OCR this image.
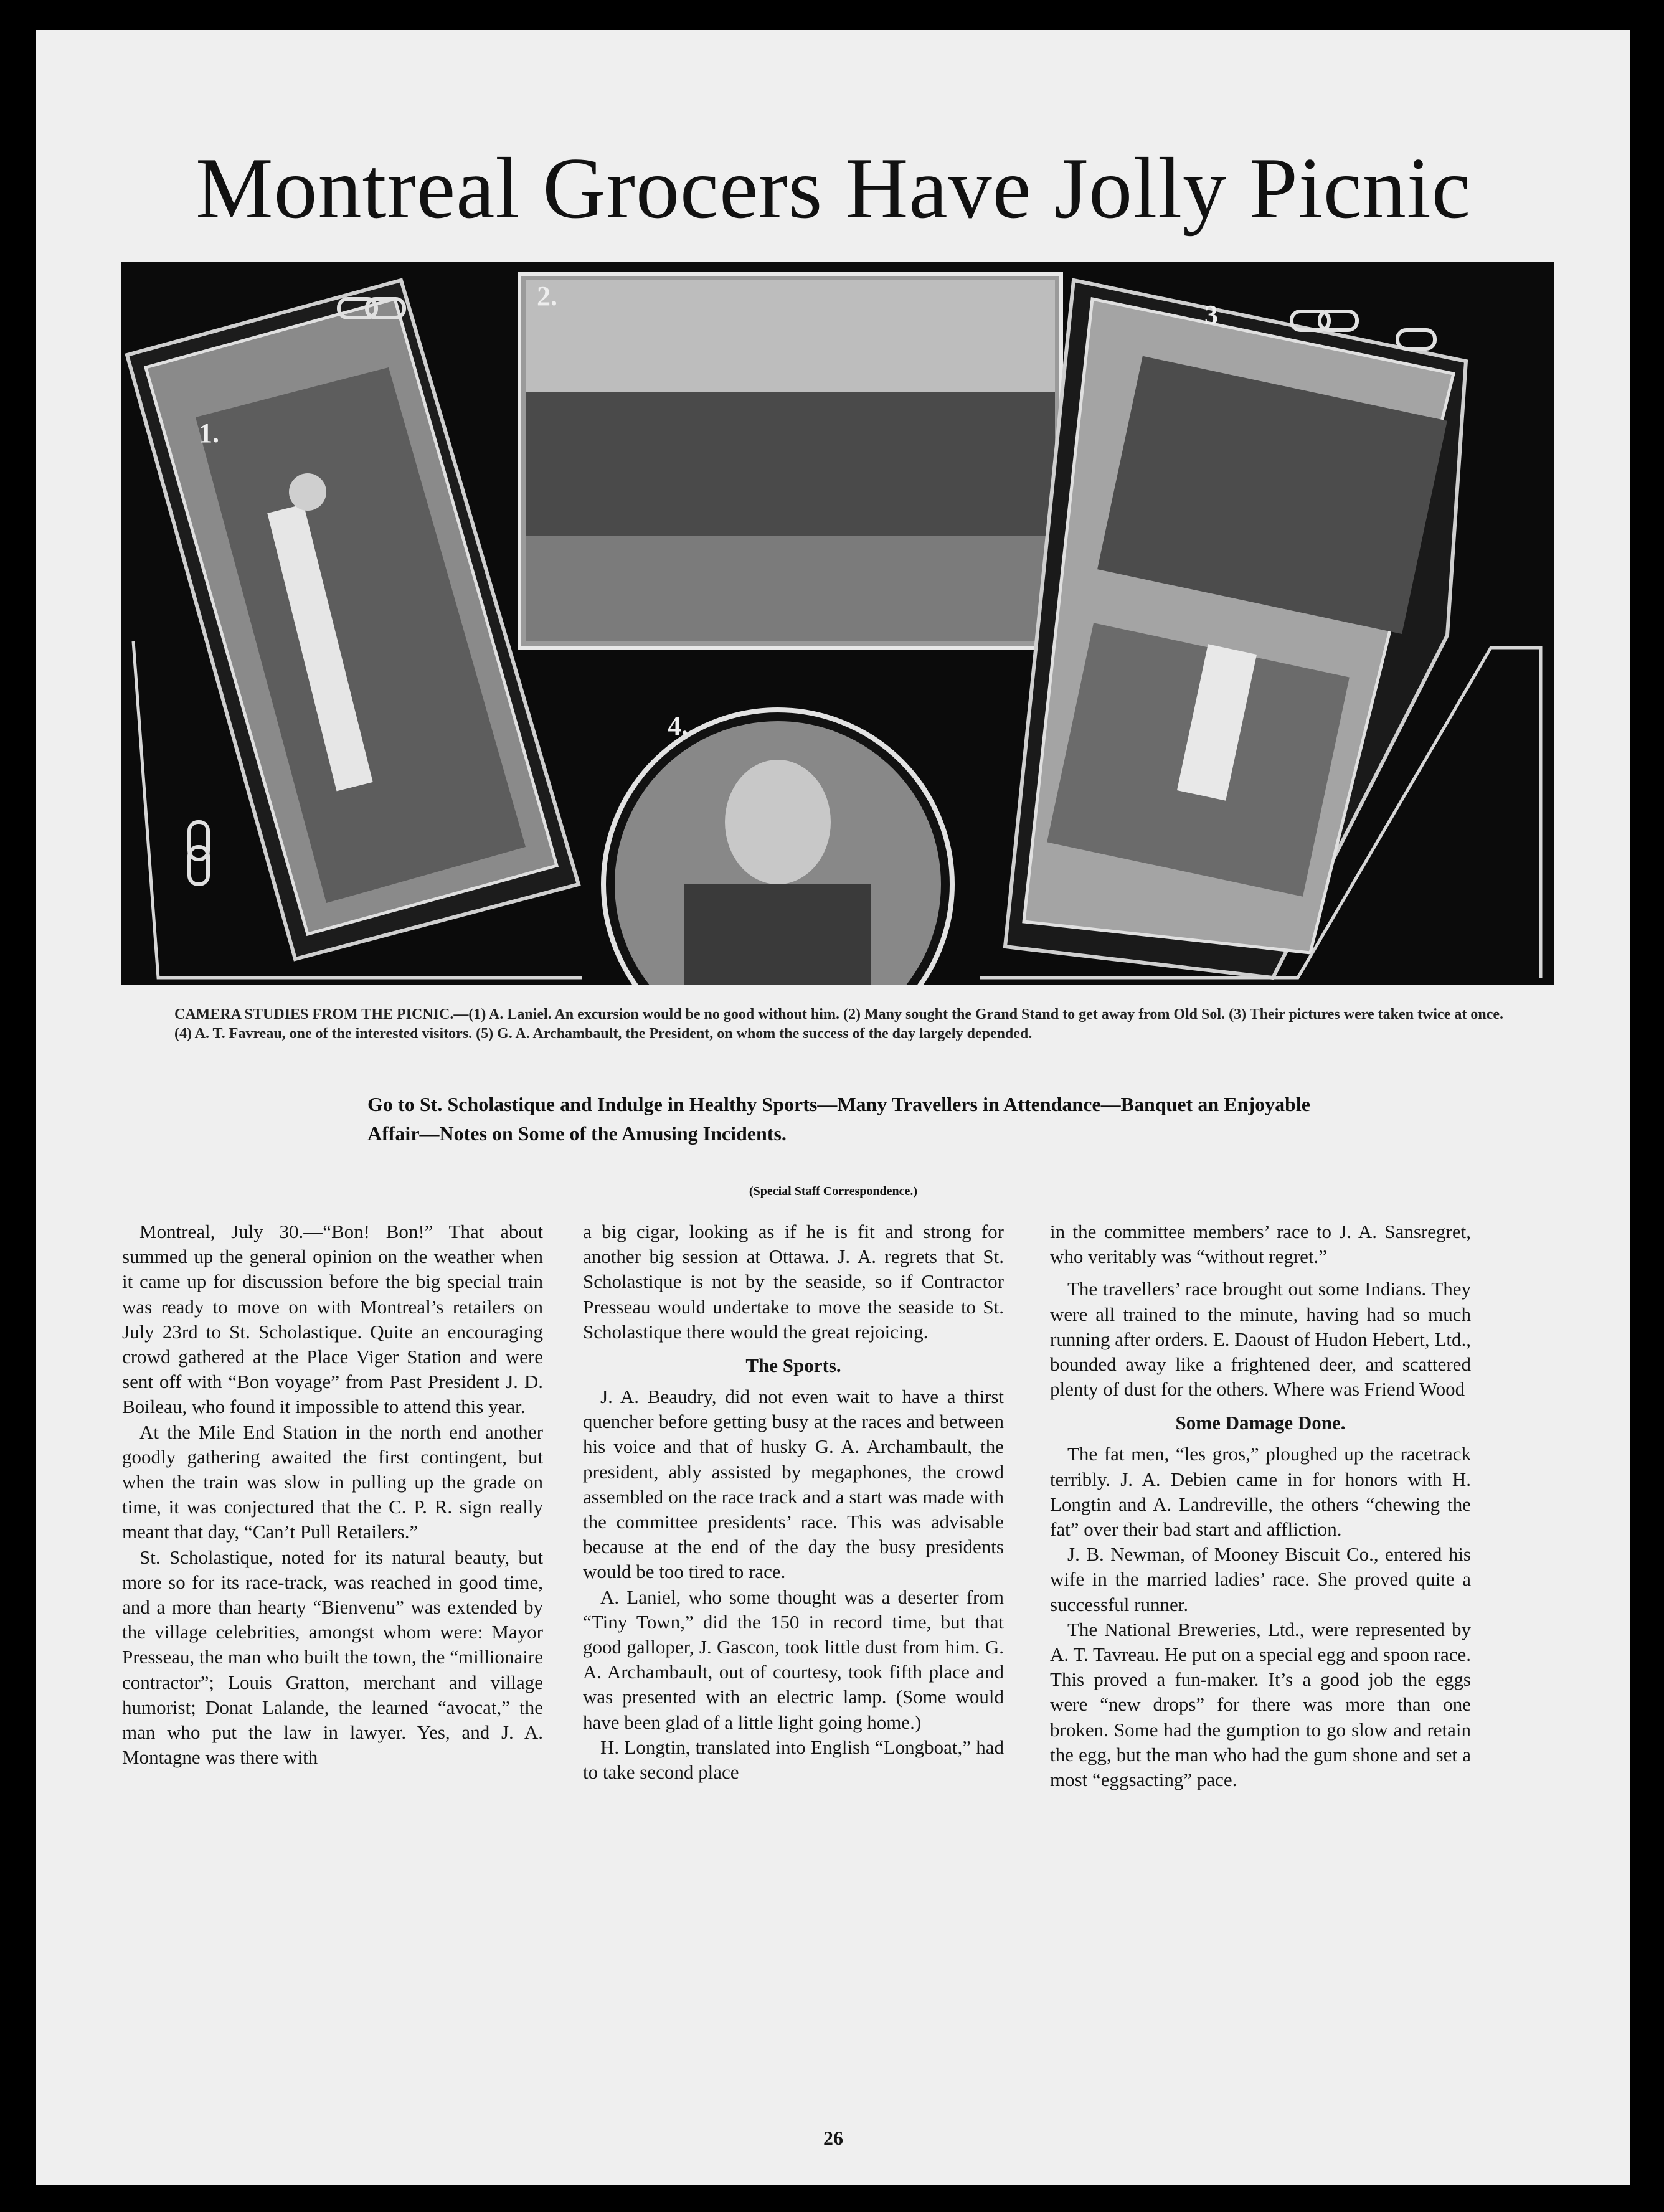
Montreal Grocers Have Jolly Picnic
1.
2.
3
4.
CAMERA STUDIES FROM THE PICNIC.—(1) A. Laniel. An excursion would be no good without him. (2) Many sought the Grand Stand to get away from Old Sol. (3) Their pictures were taken twice at once. (4) A. T. Favreau, one of the interested visitors. (5) G. A. Archambault, the President, on whom the success of the day largely depended.
Go to St. Scholastique and Indulge in Healthy Sports—Many Travellers in Attendance—Banquet an Enjoyable Affair—Notes on Some of the Amusing Incidents.
(Special Staff Correspondence.)

Montreal, July 30.—“Bon! Bon!” That about summed up the general opinion on the weather when it came up for discussion before the big special train was ready to move on with Montreal’s retailers on July 23rd to St. Scholastique. Quite an encouraging crowd gathered at the Place Viger Station and were sent off with “Bon voyage” from Past President J. D. Boileau, who found it impossible to attend this year.

At the Mile End Station in the north end another goodly gathering awaited the first contingent, but when the train was slow in pulling up the grade on time, it was conjectured that the C. P. R. sign really meant that day, “Can’t Pull Retailers.”

St. Scholastique, noted for its natural beauty, but more so for its race-track, was reached in good time, and a more than hearty “Bienvenu” was extended by the village celebrities, amongst whom were: Mayor Presseau, the man who built the town, the “millionaire contractor”; Louis Gratton, merchant and village humorist; Donat Lalande, the learned “avocat,” the man who put the law in lawyer. Yes, and J. A. Montagne was there with

a big cigar, looking as if he is fit and strong for another big session at Ottawa. J. A. regrets that St. Scholastique is not by the seaside, so if Contractor Presseau would undertake to move the seaside to St. Scholastique there would the great rejoicing.

The Sports.

J. A. Beaudry, did not even wait to have a thirst quencher before getting busy at the races and between his voice and that of husky G. A. Archambault, the president, ably assisted by megaphones, the crowd assembled on the race track and a start was made with the committee presidents’ race. This was advisable because at the end of the day the busy presidents would be too tired to race.

A. Laniel, who some thought was a deserter from “Tiny Town,” did the 150 in record time, but that good galloper, J. Gascon, took little dust from him. G. A. Archambault, out of courtesy, took fifth place and was presented with an electric lamp. (Some would have been glad of a little light going home.)

H. Longtin, translated into English “Longboat,” had to take second place

in the committee members’ race to J. A. Sansregret, who veritably was “without regret.”

The travellers’ race brought out some Indians. They were all trained to the minute, having had so much running after orders. E. Daoust of Hudon Hebert, Ltd., bounded away like a frightened deer, and scattered plenty of dust for the others. Where was Friend Wood

Some Damage Done.

The fat men, “les gros,” ploughed up the racetrack terribly. J. A. Debien came in for honors with H. Longtin and A. Landreville, the others “chewing the fat” over their bad start and affliction.

J. B. Newman, of Mooney Biscuit Co., entered his wife in the married ladies’ race. She proved quite a successful runner.

The National Breweries, Ltd., were represented by A. T. Tavreau. He put on a special egg and spoon race. This proved a fun-maker. It’s a good job the eggs were “new drops” for there was more than one broken. Some had the gumption to go slow and retain the egg, but the man who had the gum shone and set a most “eggsacting” pace.

26
